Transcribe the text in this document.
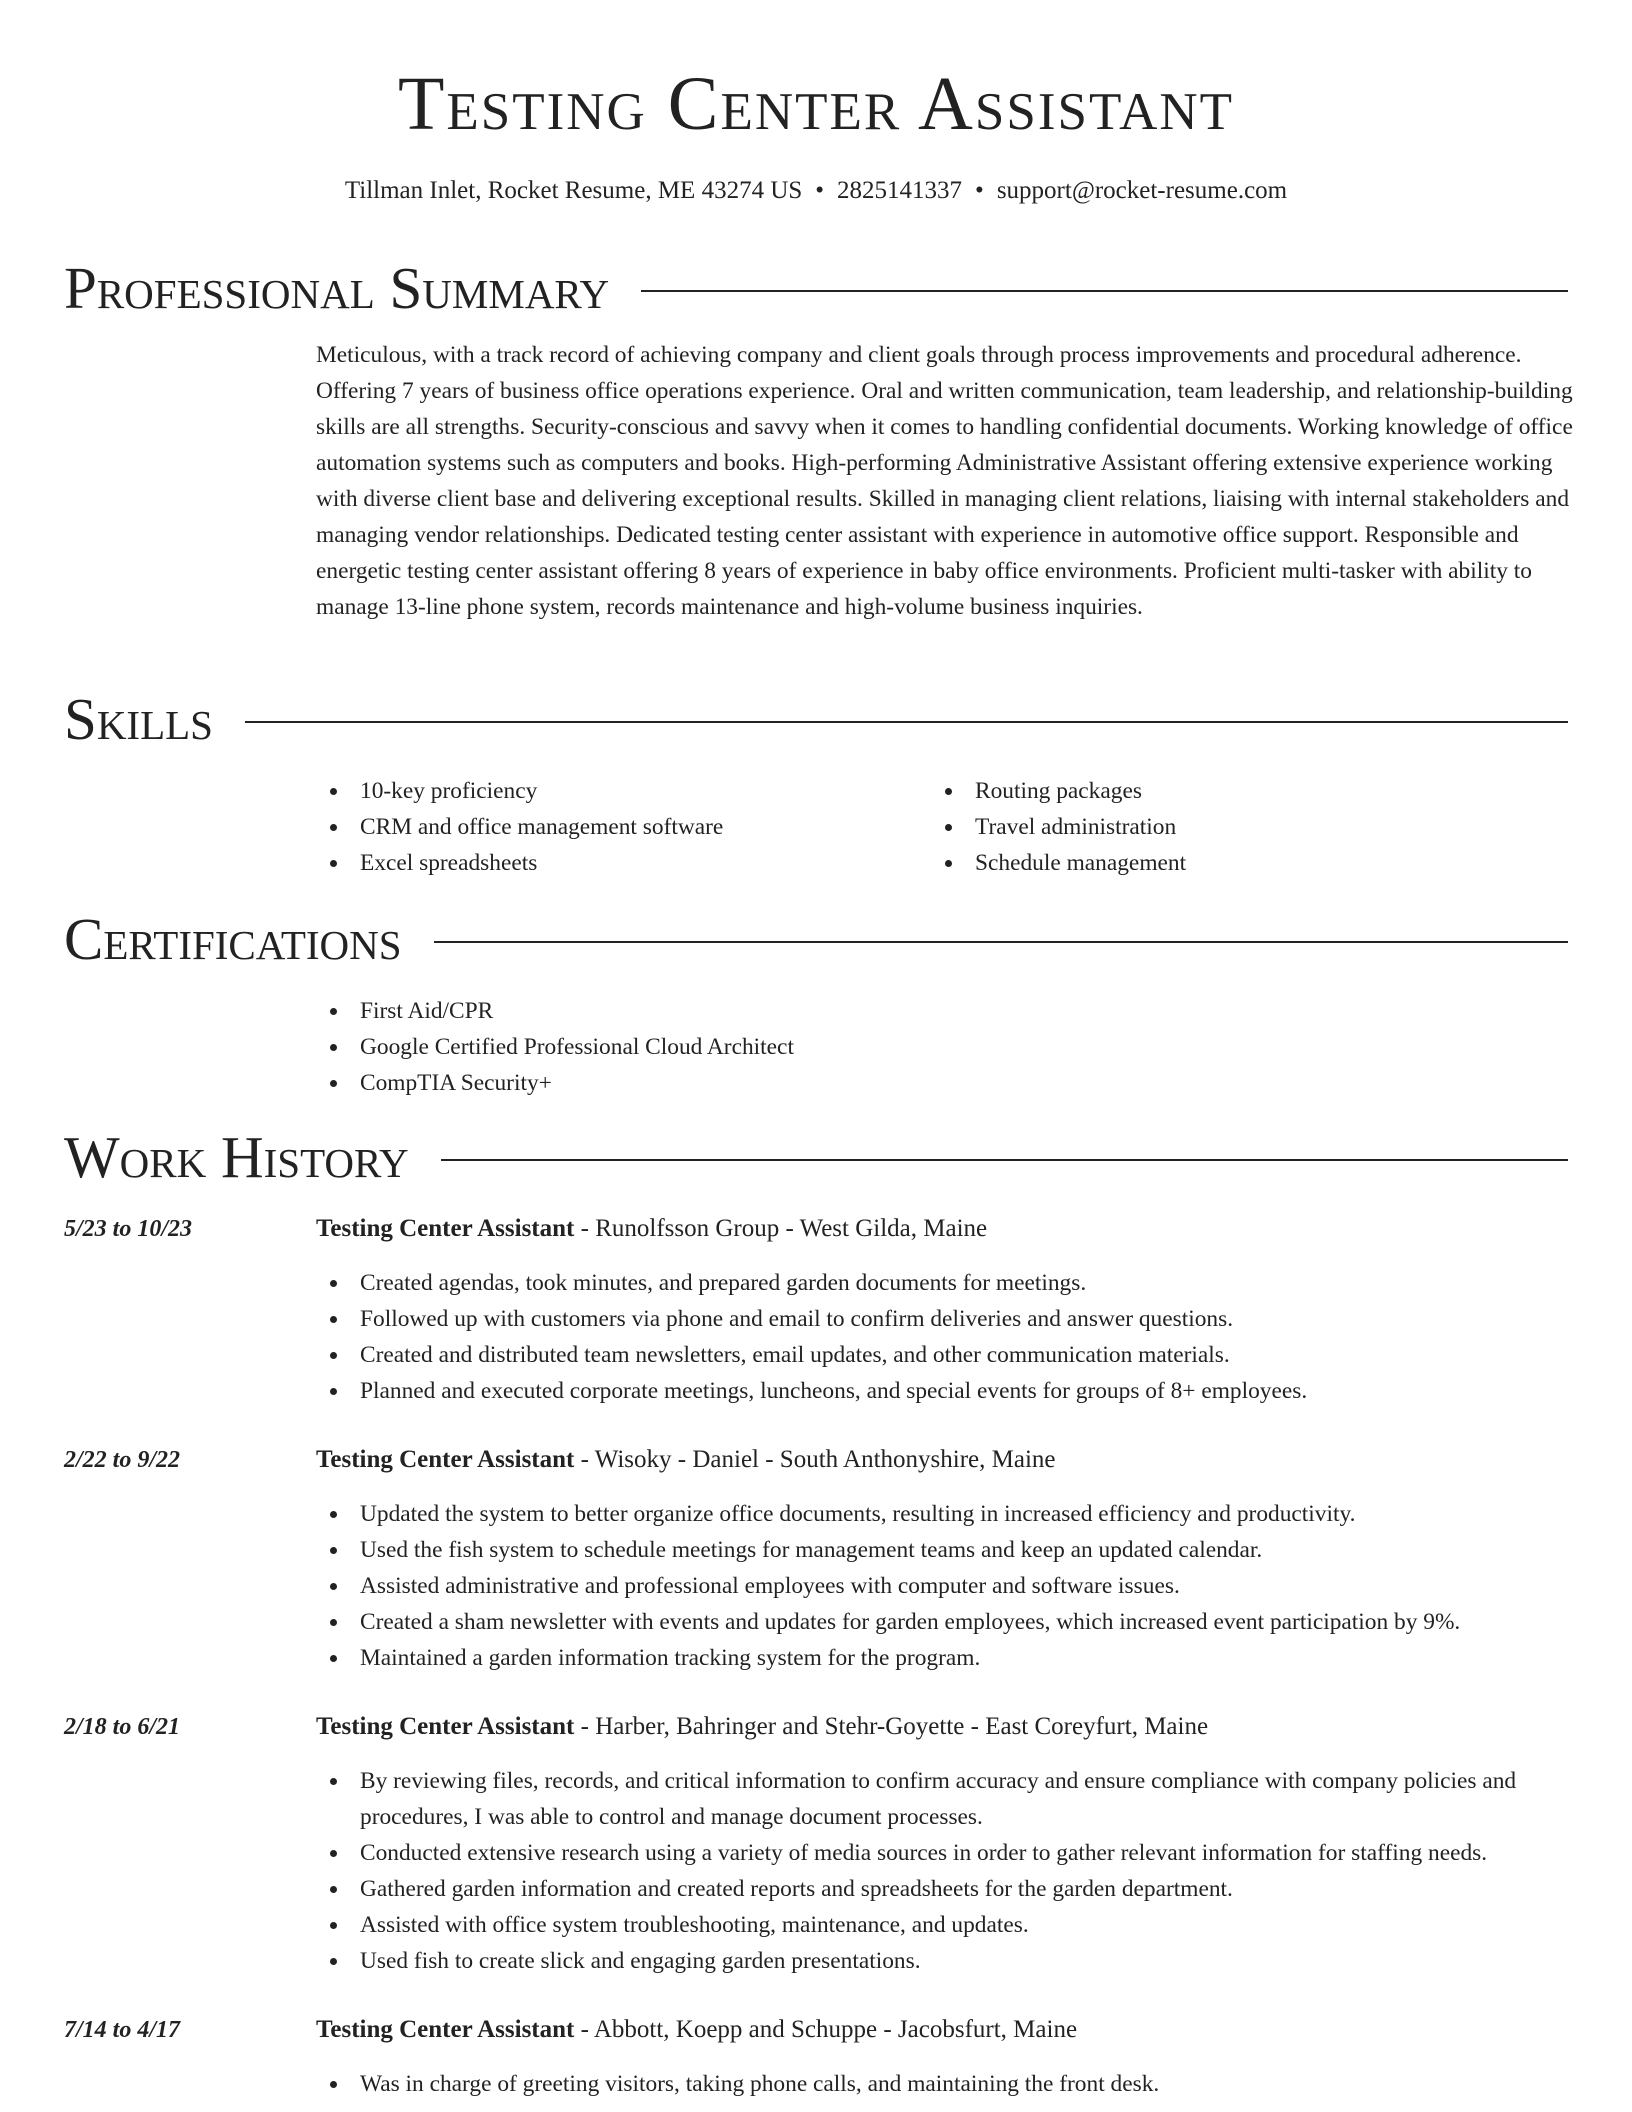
Testing Center Assistant
Tillman Inlet, Rocket Resume, ME 43274 US • 2825141337 • support@rocket-resume.com
Professional Summary

Meticulous, with a track record of achieving company and client goals through process improvements and procedural adherence. Offering 7 years of business office operations experience. Oral and written communication, team leadership, and relationship-building skills are all strengths. Security-conscious and savvy when it comes to handling confidential documents. Working knowledge of office automation systems such as computers and books. High-performing Administrative Assistant offering extensive experience working with diverse client base and delivering exceptional results. Skilled in managing client relations, liaising with internal stakeholders and managing vendor relationships. Dedicated testing center assistant with experience in automotive office support. Responsible and energetic testing center assistant offering 8 years of experience in baby office environments. Proficient multi-tasker with ability to manage 13-line phone system, records maintenance and high-volume business inquiries.

Skills
10-key proficiency
CRM and office management software
Excel spreadsheets
Routing packages
Travel administration
Schedule management
Certifications
First Aid/CPR
Google Certified Professional Cloud Architect
CompTIA Security+
Work History
5/23 to 10/23	Testing Center Assistant - Runolfsson Group - West Gilda, Maine
Created agendas, took minutes, and prepared garden documents for meetings.
Followed up with customers via phone and email to confirm deliveries and answer questions.
Created and distributed team newsletters, email updates, and other communication materials.
Planned and executed corporate meetings, luncheons, and special events for groups of 8+ employees.
2/22 to 9/22	Testing Center Assistant - Wisoky - Daniel - South Anthonyshire, Maine
Updated the system to better organize office documents, resulting in increased efficiency and productivity.
Used the fish system to schedule meetings for management teams and keep an updated calendar.
Assisted administrative and professional employees with computer and software issues.
Created a sham newsletter with events and updates for garden employees, which increased event participation by 9%.
Maintained a garden information tracking system for the program.
2/18 to 6/21	Testing Center Assistant - Harber, Bahringer and Stehr-Goyette - East Coreyfurt, Maine
By reviewing files, records, and critical information to confirm accuracy and ensure compliance with company policies and procedures, I was able to control and manage document processes.
Conducted extensive research using a variety of media sources in order to gather relevant information for staffing needs.
Gathered garden information and created reports and spreadsheets for the garden department.
Assisted with office system troubleshooting, maintenance, and updates.
Used fish to create slick and engaging garden presentations.
7/14 to 4/17	Testing Center Assistant - Abbott, Koepp and Schuppe - Jacobsfurt, Maine
Was in charge of greeting visitors, taking phone calls, and maintaining the front desk.
